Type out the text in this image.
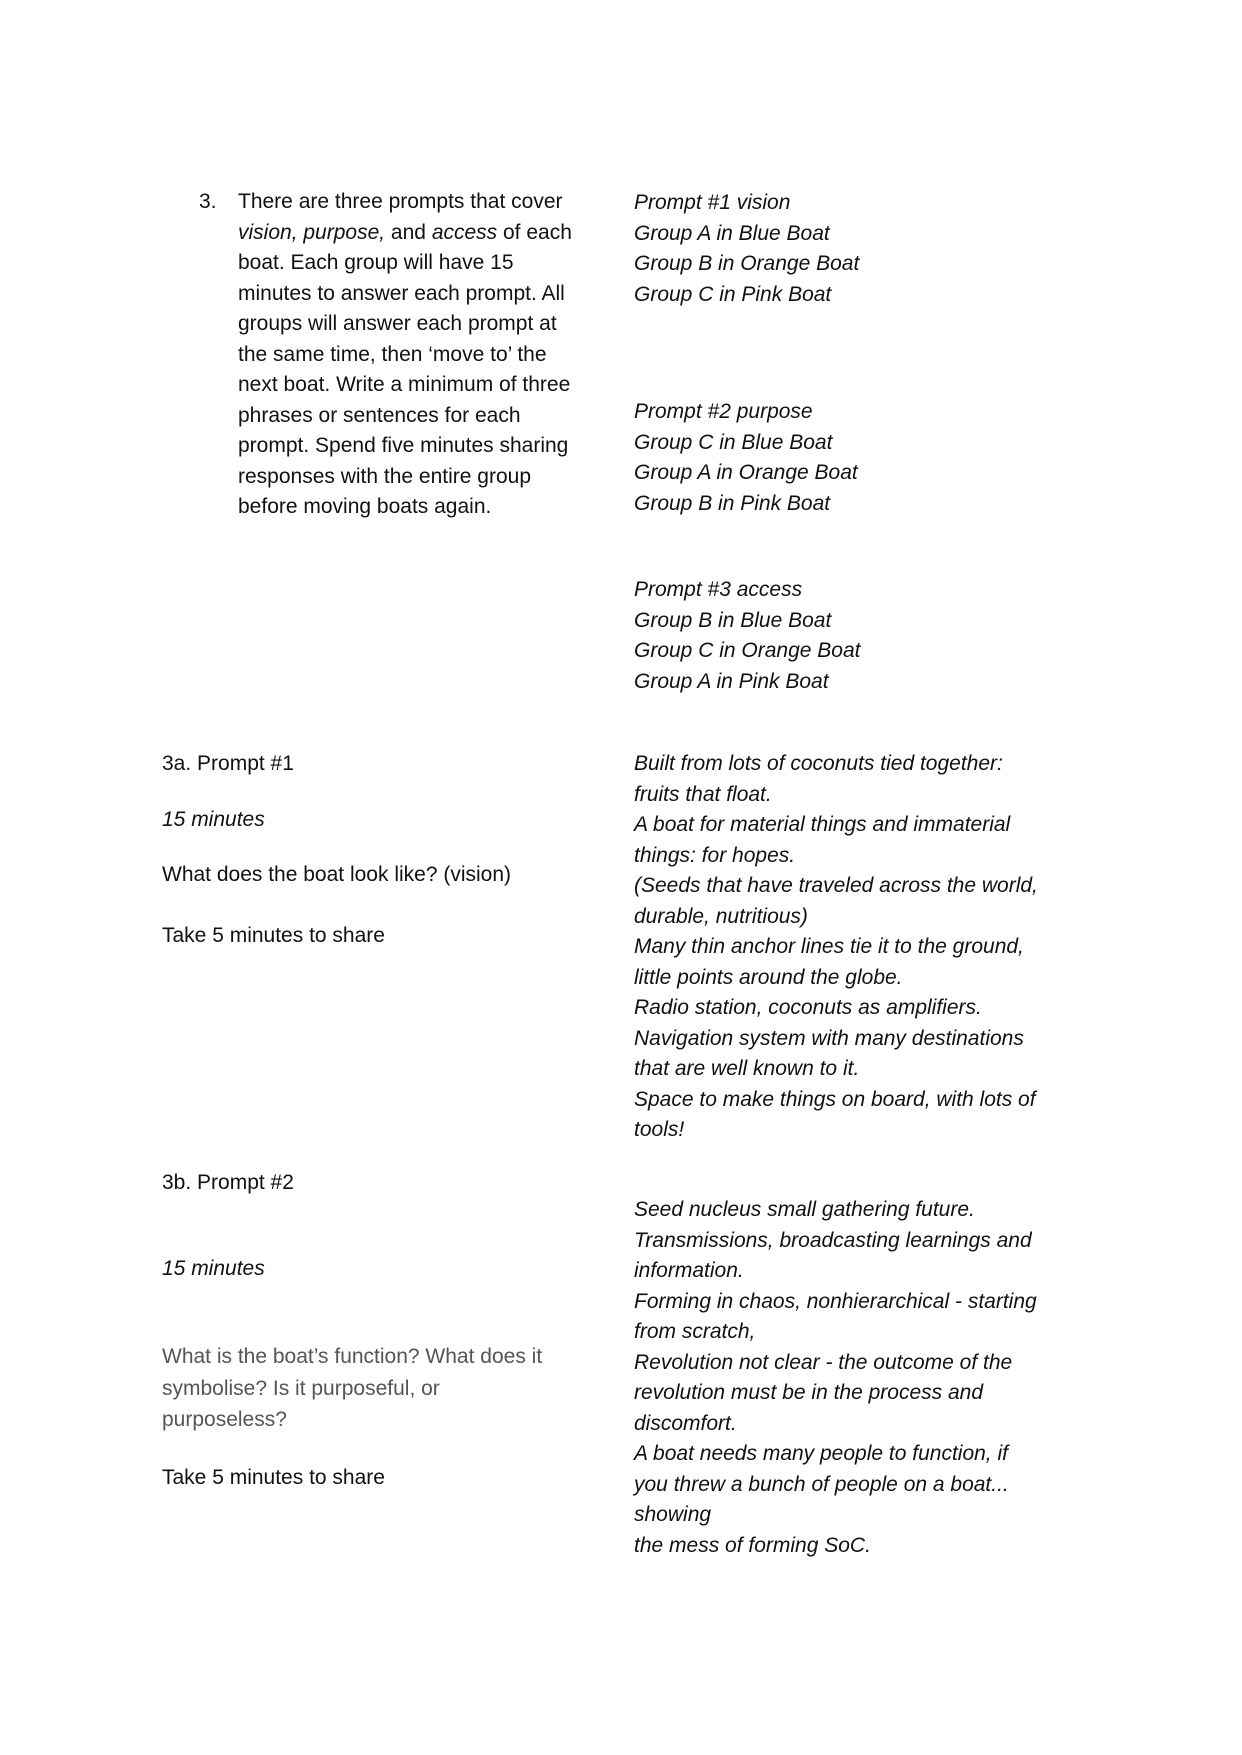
3. There are three prompts that cover
vision, purpose, and access of each
boat. Each group will have 15
minutes to answer each prompt. All
groups will answer each prompt at
the same time, then ‘move to’ the
next boat. Write a minimum of three
phrases or sentences for each
prompt. Spend five minutes sharing
responses with the entire group
before moving boats again.
Prompt #1 vision
Group A in Blue Boat
Group B in Orange Boat
Group C in Pink Boat
Prompt #2 purpose
Group C in Blue Boat
Group A in Orange Boat
Group B in Pink Boat
Prompt #3 access
Group B in Blue Boat
Group C in Orange Boat
Group A in Pink Boat
3a. Prompt #1
15 minutes
What does the boat look like? (vision)
Take 5 minutes to share
Built from lots of coconuts tied together:
fruits that float.
A boat for material things and immaterial
things: for hopes.
(Seeds that have traveled across the world,
durable, nutritious)
Many thin anchor lines tie it to the ground,
little points around the globe.
Radio station, coconuts as amplifiers.
Navigation system with many destinations
that are well known to it.
Space to make things on board, with lots of
tools!
3b. Prompt #2
15 minutes
What is the boat’s function? What does it
symbolise? Is it purposeful, or
purposeless?
Take 5 minutes to share
Seed nucleus small gathering future.
Transmissions, broadcasting learnings and
information.
Forming in chaos, nonhierarchical - starting
from scratch,
Revolution not clear - the outcome of the
revolution must be in the process and
discomfort.
A boat needs many people to function, if
you threw a bunch of people on a boat...
showing
the mess of forming SoC.
